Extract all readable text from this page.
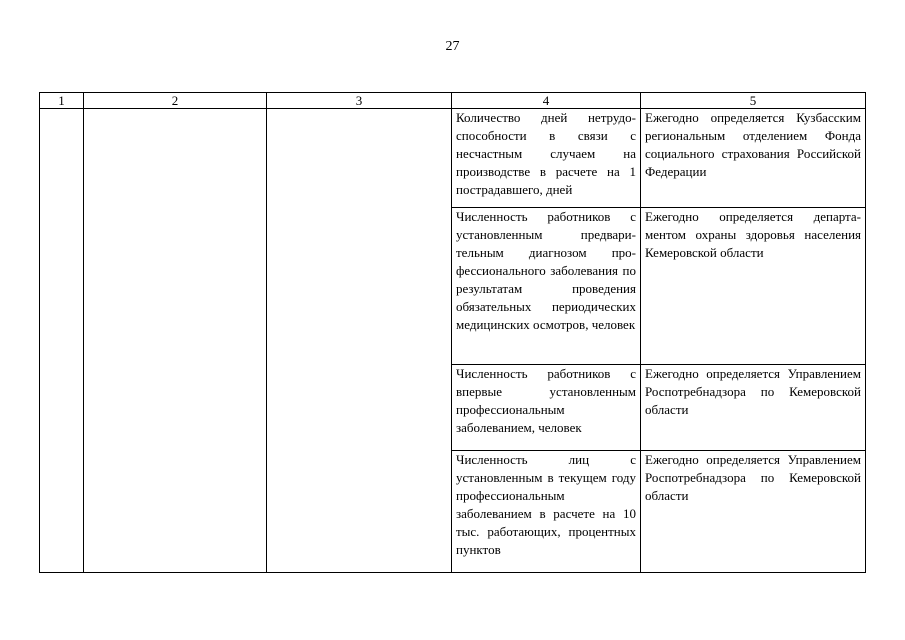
27
1	2	3	4	5
			Количество дней нетрудоспособности в связи с несчастным случаем на производстве в расчете на 1 пострадавшего, дней	Ежегодно определяется Кузбасским региональным отделением Фонда социального страхования Российской Федерации
			Численность работников с установленным предварительным диагнозом профессионального заболевания по результатам проведения обязательных периодических медицинских осмотров, человек	Ежегодно определяется департаментом охраны здоровья населения Кемеровской области
			Численность работников с впервые установленным профессиональным заболеванием, человек	Ежегодно определяется Управлением Роспотребнадзора по Кемеровской области
			Численность лиц с установленным в текущем году профессиональным заболеванием в расчете на 10 тыс. работающих, процентных пунктов	Ежегодно определяется Управлением Роспотребнадзора по Кемеровской области
